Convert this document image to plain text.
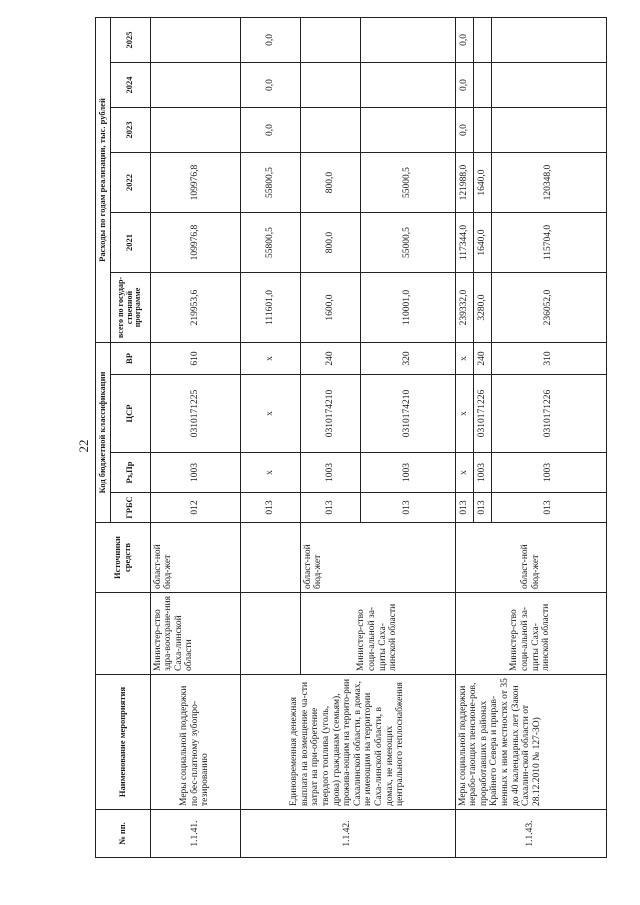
22
№ пп.	Наименование мероприятия		Источники средств	Код бюджетной классификации				Расходы по годам реализации, тыс. рублей					
				ГРБС	Рз,Пр	ЦСР	ВР	всего по государ-ственной программе	2021	2022	2023	2024	2025
1.1.41.	Меры социальной поддержки по бес-платному зубопро-тезированию	Министер-ство здра-воохране-ния Саха-линской области	област-ной бюд-жет	012	1003	0310171225	610	219953,6	109976,8	109976,8			
1.1.42.	Единовременная денежная выплата на возмещение ча-сти затрат на при-обретение твердого топлива (уголь, дрова) гражданам (семьям), прожива-ющим на террито-рии Сахалинской области, в домах, не имеющим на территории Саха-линской области, в домах, не имеющих центрального теплоснабжения			013	х	х	х	111601,0	55800,5	55800,5	0,0	0,0	0,0
		Министер-ство соци-альной за-щиты Саха-линской области	област-ной бюд-жет	013	1003	0310174210	240	1600,0	800,0	800,0			
				013	1003	0310174210	320	110001,0	55000,5	55000,5			
1.1.43.	Меры социальной поддержки нерабо-тающих пенсионе-ров, проработавших в районах Крайнего Севера и прирав-ненных к ним местностях от 35 до 40 календарных лет (Закон Сахалин-ской области от 28.12.2010 № 127-ЗО)	Министер-ство соци-альной за-щиты Саха-линской области	област-ной бюд-жет	013	х	х	х	239332,0	117344,0	121988,0	0,0	0,0	0,0
				013	1003	0310171226	240	3280,0	1640,0	1640,0			
				013	1003	0310171226	310	236052,0	115704,0	120348,0			
